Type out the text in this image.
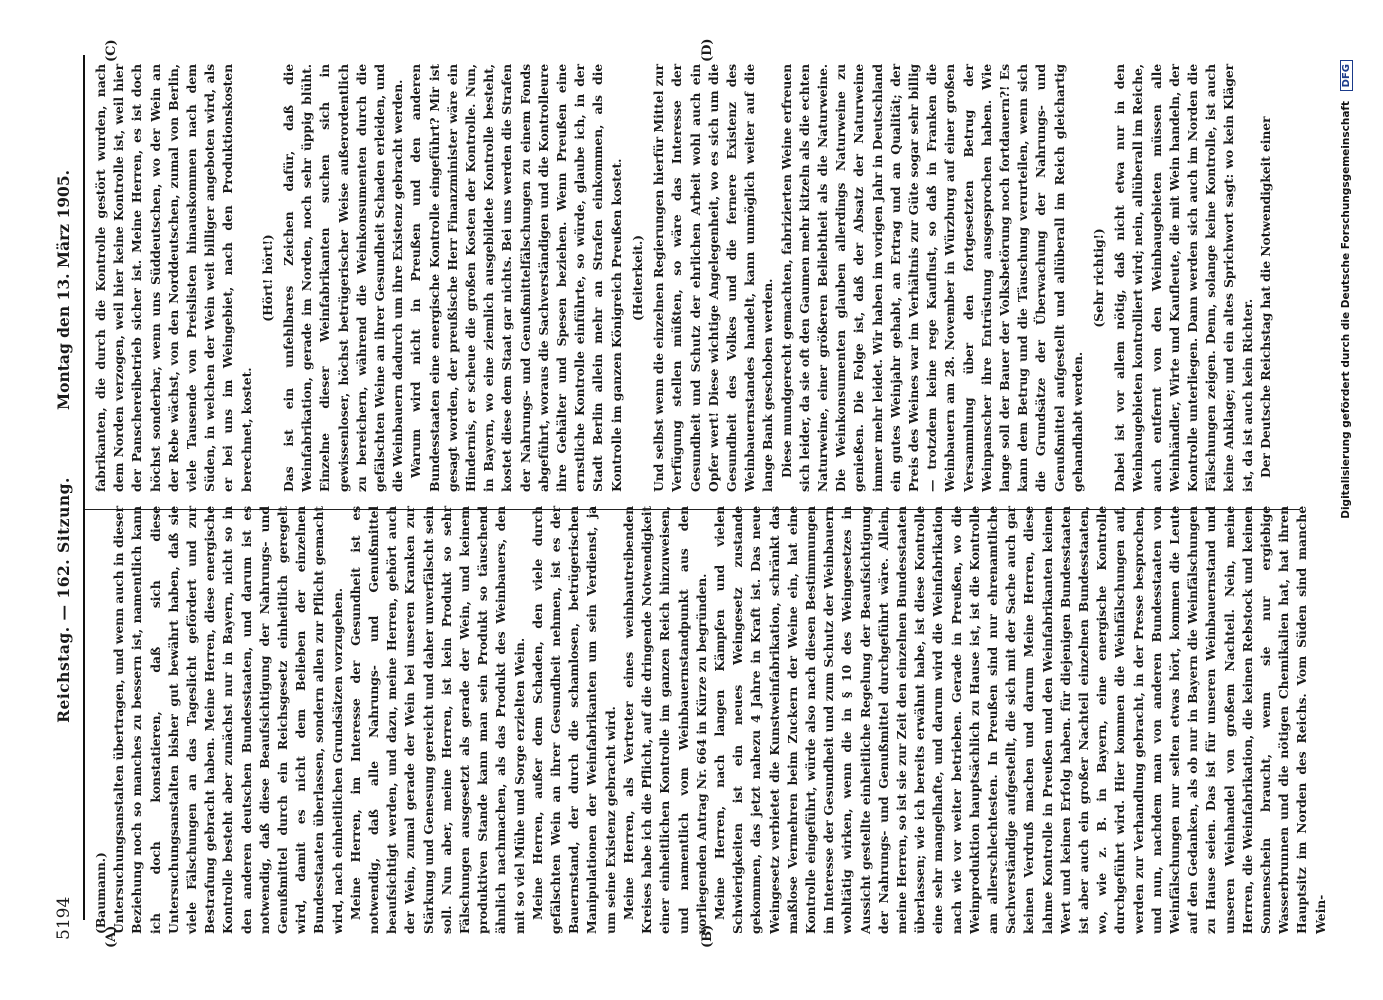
5194
Reichstag. — 162. Sitzung.
Montag den 13. März 1905.
(A)	(B)
(C)	(D)

(Baumann.) Untersuchungsanstalten übertragen, und wenn auch in dieser Beziehung noch so manches zu bessern ist, namentlich kann ich doch konstatieren, daß sich diese Untersuchungsanstalten bisher gut bewährt haben, daß sie viele Fälschungen an das Tageslicht gefördert und zur Bestrafung gebracht haben. Meine Herren, diese energische Kontrolle besteht aber zunächst nur in Bayern, nicht so in den anderen deutschen Bundesstaaten, und darum ist es notwendig, daß diese Beaufsichtigung der Nahrungs- und Genußmittel durch ein Reichsgesetz einheitlich geregelt wird, damit es nicht dem Belieben der einzelnen Bundesstaaten überlassen, sondern allen zur Pflicht gemacht wird, nach einheitlichen Grundsätzen vorzugehen. Meine Herren, im Interesse der Gesundheit ist es notwendig, daß alle Nahrungs- und Genußmittel beaufsichtigt werden, und dazu, meine Herren, gehört auch der Wein, zumal gerade der Wein bei unseren Kranken zur Stärkung und Genesung gereicht und daher unverfälscht sein soll. Nun aber, meine Herren, ist kein Produkt so sehr Fälschungen ausgesetzt als gerade der Wein, und keinem produktiven Stande kann man sein Produkt so täuschend ähnlich nachmachen, als das Produkt des Weinbauers, den mit so viel Mühe und Sorge erzielten Wein. Meine Herren, außer dem Schaden, den viele durch gefälschten Wein an ihrer Gesundheit nehmen, ist es der Bauernstand, der durch die schamlosen, betrügerischen Manipulationen der Weinfabrikanten um sein Verdienst, ja um seine Existenz gebracht wird. Meine Herren, als Vertreter eines weinbautreibenden Kreises habe ich die Pflicht, auf die dringende Notwendigkeit einer einheitlichen Kontrolle im ganzen Reich hinzuweisen, und namentlich vom Weinbauernstandpunkt aus den vorliegenden Antrag Nr. 664 in Kürze zu begründen. Meine Herren, nach langen Kämpfen und vielen Schwierigkeiten ist ein neues Weingesetz zustande gekommen, das jetzt nahezu 4 Jahre in Kraft ist. Das neue Weingesetz verbietet die Kunstweinfabrikation, schränkt das maßlose Vermehren beim Zuckern der Weine ein, hat eine Kontrolle eingeführt, würde also nach diesen Bestimmungen im Interesse der Gesundheit und zum Schutz der Weinbauern wohltätig wirken, wenn die in § 10 des Weingesetzes in Aussicht gestellte einheitliche Regelung der Beaufsichtigung der Nahrungs- und Genußmittel durchgeführt wäre. Allein, meine Herren, so ist sie zur Zeit den einzelnen Bundesstaaten überlassen; wie ich bereits erwähnt habe, ist diese Kontrolle eine sehr mangelhafte, und darum wird die Weinfabrikation nach wie vor weiter betrieben. Gerade in Preußen, wo die Weinproduktion hauptsächlich zu Hause ist, ist die Kontrolle am allerschlechtesten. In Preußen sind nur ehrenamtliche Sachverständige aufgestellt, die sich mit der Sache auch gar keinen Verdruß machen und darum Meine Herren, diese lahme Kontrolle in Preußen und den Weinfabrikanten keinen Wert und keinen Erfolg haben. für diejenigen Bundesstaaten ist aber auch ein großer Nachteil einzelnen Bundesstaaten, wo, wie z. B. in Bayern, eine energische Kontrolle durchgeführt wird. Hier kommen die Weinfälschungen auf, werden zur Verhandlung gebracht, in der Presse besprochen, und nun, nachdem man von anderen Bundesstaaten von Weinfälschungen nur selten etwas hört, kommen die Leute auf den Gedanken, als ob nur in Bayern die Weinfälschungen zu Hause seien. Das ist für unseren Weinbauernstand und unseren Weinhandel von großem Nachteil. Nein, meine Herren, die Weinfabrikation, die keinen Rebstock und keinen Sonnenschein braucht, wenn sie nur ergiebige Wasserbrunnen und die nötigen Chemikalien hat, hat ihren Hauptsitz im Norden des Reichs. Vom Süden sind manche Wein-

fabrikanten, die durch die Kontrolle gestört wurden, nach dem Norden verzogen, weil hier keine Kontrolle ist, weil hier der Panschereibetrieb sicher ist. Meine Herren, es ist doch höchst sonderbar, wenn uns Süddeutschen, wo der Wein an der Rebe wächst, von den Norddeutschen, zumal von Berlin, viele Tausende von Preislisten hinauskommen nach dem Süden, in welchen der Wein weit billiger angeboten wird, als er bei uns im Weingebiet, nach den Produktionskosten berechnet, kostet.

(Hört! hört!) Das ist ein unfehlbares Zeichen dafür, daß die Weinfabrikation, gerade im Norden, noch sehr üppig blüht. Einzelne dieser Weinfabrikanten suchen sich in gewissenloser, höchst betrügerischer Weise außerordentlich zu bereichern, während die Weinkonsumenten durch die gefälschten Weine an ihrer Gesundheit Schaden erleiden, und die Weinbauern dadurch um ihre Existenz gebracht werden. Warum wird nicht in Preußen und den anderen Bundesstaaten eine energische Kontrolle eingeführt? Mir ist gesagt worden, der preußische Herr Finanzminister wäre ein Hindernis, er scheue die großen Kosten der Kontrolle. Nun, in Bayern, wo eine ziemlich ausgebildete Kontrolle besteht, kostet diese dem Staat gar nichts. Bei uns werden die Strafen der Nahrungs- und Genußmittelfälschungen zu einem Fonds abgeführt, woraus die Sachverständigen und die Kontrolleure ihre Gehälter und Spesen beziehen. Wenn Preußen eine ernstliche Kontrolle einführte, so würde, glaube ich, in der Stadt Berlin allein mehr an Strafen einkommen, als die Kontrolle im ganzen Königreich Preußen kostet. (Heiterkeit.) Und selbst wenn die einzelnen Regierungen hierfür Mittel zur Verfügung stellen müßten, so wäre das Interesse der Gesundheit und Schutz der ehrlichen Arbeit wohl auch ein Opfer wert! Diese wichtige Angelegenheit, wo es sich um die Gesundheit des Volkes und die fernere Existenz des Weinbauernstandes handelt, kann unmöglich weiter auf die lange Bank geschoben werden. Diese mundgerecht gemachten, fabrizierten Weine erfreuen sich leider, da sie oft den Gaumen mehr kitzeln als die echten Naturweine, einer größeren Beliebtheit als die Naturweine. Die Weinkonsumenten glauben allerdings Naturweine zu genießen. Die Folge ist, daß der Absatz der Naturweine immer mehr leidet. Wir haben im vorigen Jahr in Deutschland ein gutes Weinjahr gehabt, an Ertrag und an Qualität; der Preis des Weines war im Verhältnis zur Güte sogar sehr billig — trotzdem keine rege Kauflust, so daß in Franken die Weinbauern am 28. November in Würzburg auf einer großen Versammlung über den fortgesetzten Betrug der Weinpanscher ihre Entrüstung ausgesprochen haben. Wie lange soll der Bauer der Volksbetörung noch fortdauern?! Es kann dem Betrug und die Täuschung verurteilen, wenn sich die Grundsätze der Überwachung der Nahrungs- und Genußmittel aufgestellt und allüberall im Reich gleichartig gehandhabt werden.

(Sehr richtig!) Dabei ist vor allem nötig, daß nicht etwa nur in den Weinbaugebieten kontrolliert wird; nein, allüberall im Reiche, auch entfernt von den Weinbaugebieten müssen alle Weinhändler, Wirte und Kaufleute, die mit Wein handeln, der Kontrolle unterliegen. Dann werden sich auch im Norden die Fälschungen zeigen. Denn, solange keine Kontrolle, ist auch keine Anklage; und ein altes Sprichwort sagt: wo kein Kläger ist, da ist auch kein Richter. Der Deutsche Reichstag hat die Notwendigkeit einer	Digitalisierung gefördert durch die Deutsche Forschungsgemeinschaft DFG
